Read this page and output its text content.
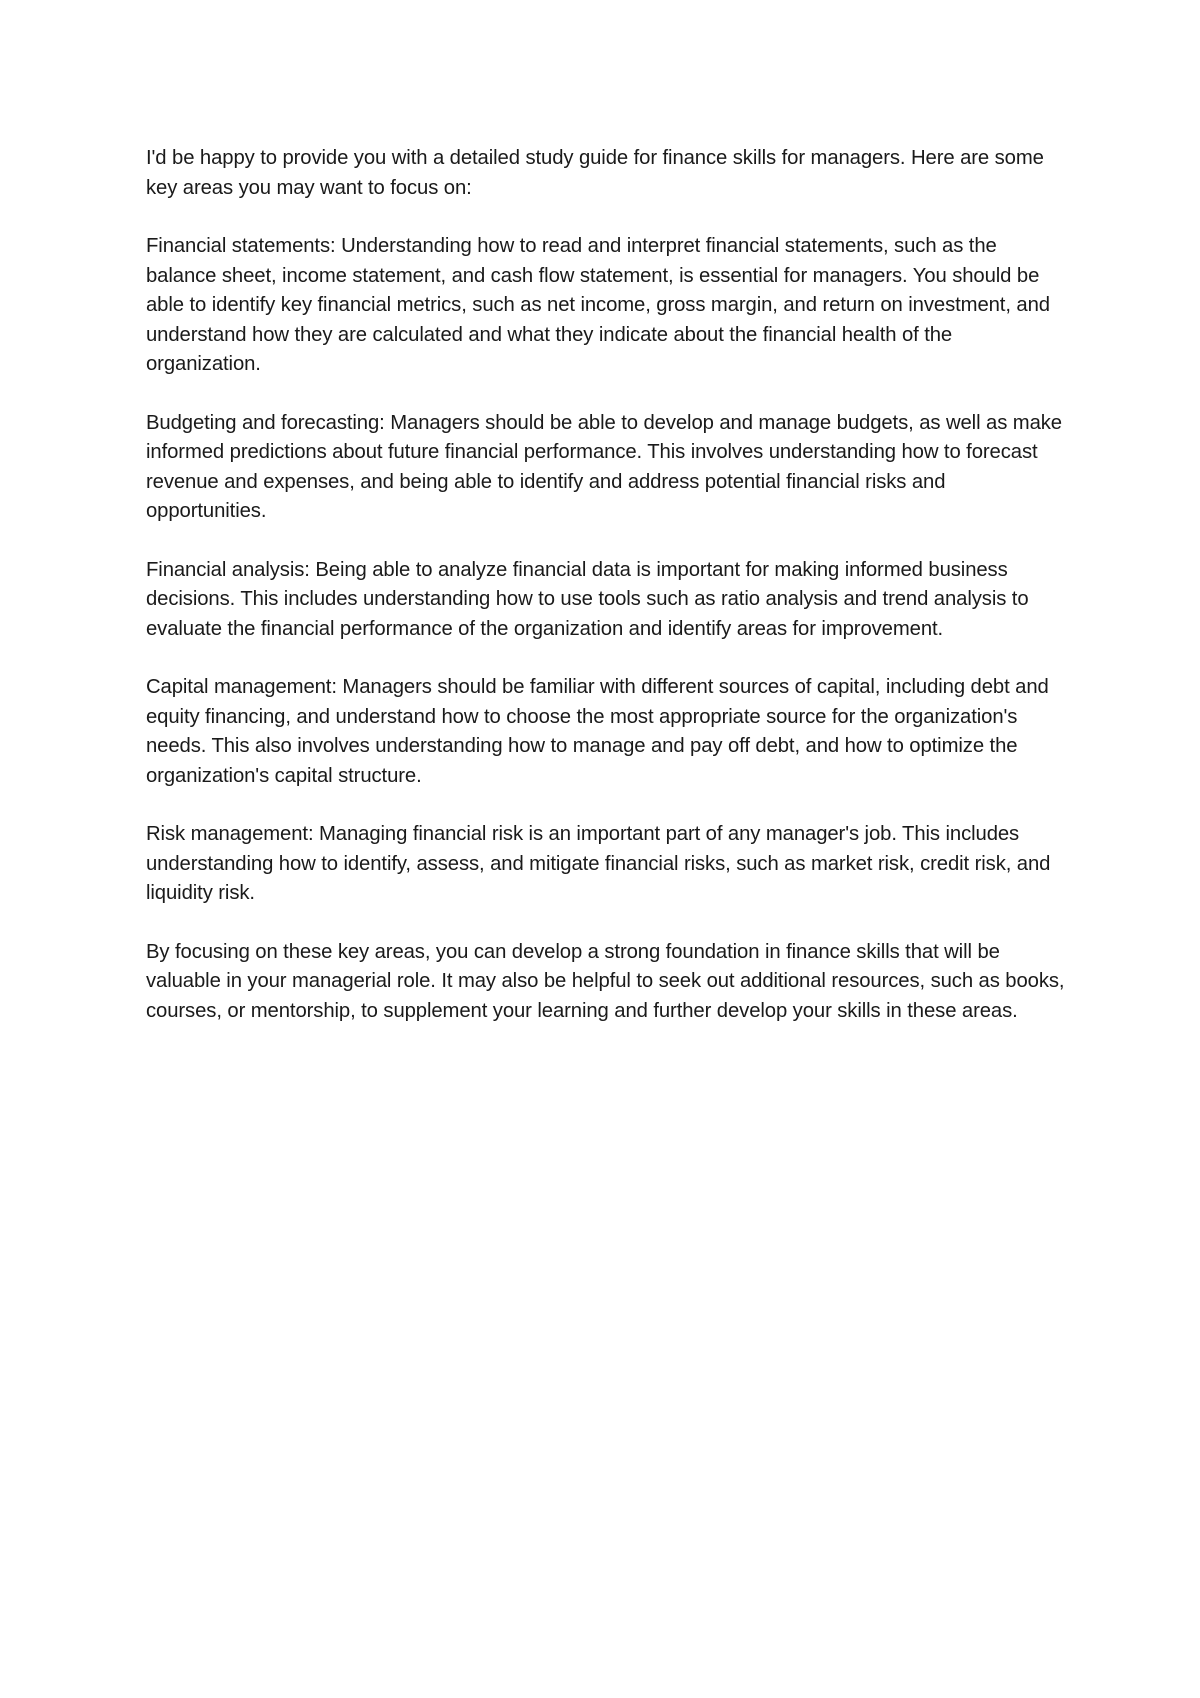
I'd be happy to provide you with a detailed study guide for finance skills for managers. Here are some key areas you may want to focus on:

Financial statements: Understanding how to read and interpret financial statements, such as the balance sheet, income statement, and cash flow statement, is essential for managers. You should be able to identify key financial metrics, such as net income, gross margin, and return on investment, and understand how they are calculated and what they indicate about the financial health of the organization.

Budgeting and forecasting: Managers should be able to develop and manage budgets, as well as make informed predictions about future financial performance. This involves understanding how to forecast revenue and expenses, and being able to identify and address potential financial risks and opportunities.

Financial analysis: Being able to analyze financial data is important for making informed business decisions. This includes understanding how to use tools such as ratio analysis and trend analysis to evaluate the financial performance of the organization and identify areas for improvement.

Capital management: Managers should be familiar with different sources of capital, including debt and equity financing, and understand how to choose the most appropriate source for the organization's needs. This also involves understanding how to manage and pay off debt, and how to optimize the organization's capital structure.

Risk management: Managing financial risk is an important part of any manager's job. This includes understanding how to identify, assess, and mitigate financial risks, such as market risk, credit risk, and liquidity risk.

By focusing on these key areas, you can develop a strong foundation in finance skills that will be valuable in your managerial role. It may also be helpful to seek out additional resources, such as books, courses, or mentorship, to supplement your learning and further develop your skills in these areas.
